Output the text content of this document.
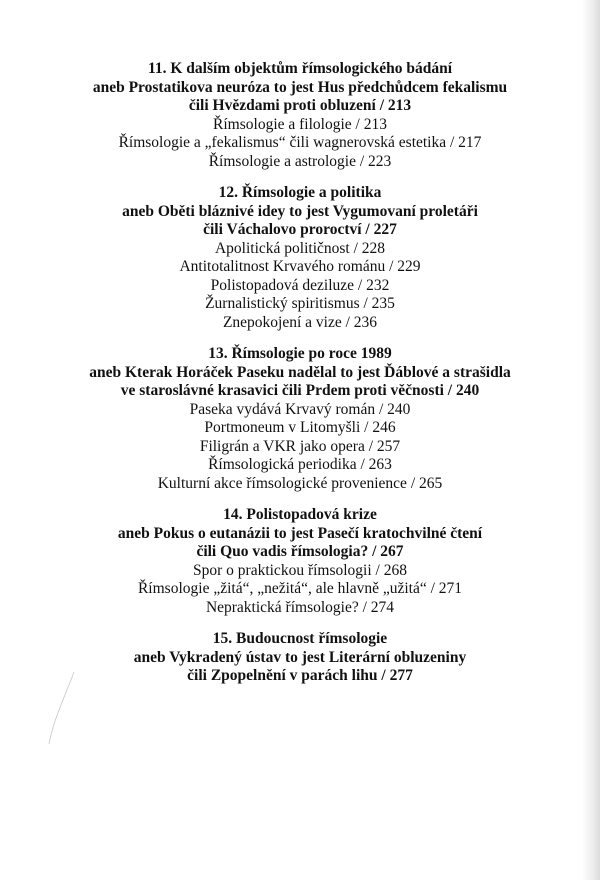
11. K dalším objektům římsologického bádání

aneb Prostatikova neuróza to jest Hus předchůdcem fekalismu

čili Hvězdami proti obluzení / 213

Římsologie a filologie / 213

Římsologie a „fekalismus“ čili wagnerovská estetika / 217

Římsologie a astrologie / 223

12. Římsologie a politika

aneb Oběti bláznivé idey to jest Vygumovaní proletáři

čili Váchalovo proroctví / 227

Apolitická političnost / 228

Antitotalitnost Krvavého románu / 229

Polistopadová deziluze / 232

Žurnalistický spiritismus / 235

Znepokojení a vize / 236

13. Římsologie po roce 1989

aneb Kterak Horáček Paseku nadělal to jest Ďáblové a strašidla

ve staroslávné krasavici čili Prdem proti věčnosti / 240

Paseka vydává Krvavý román / 240

Portmoneum v Litomyšli / 246

Filigrán a VKR jako opera / 257

Římsologická periodika / 263

Kulturní akce římsologické provenience / 265

14. Polistopadová krize

aneb Pokus o eutanázii to jest Pasečí kratochvilné čtení

čili Quo vadis římsologia? / 267

Spor o praktickou římsologii / 268

Římsologie „žitá“, „nežitá“, ale hlavně „užitá“ / 271

Nepraktická římsologie? / 274

15. Budoucnost římsologie

aneb Vykradený ústav to jest Literární obluzeniny

čili Zpopelnění v parách lihu / 277
